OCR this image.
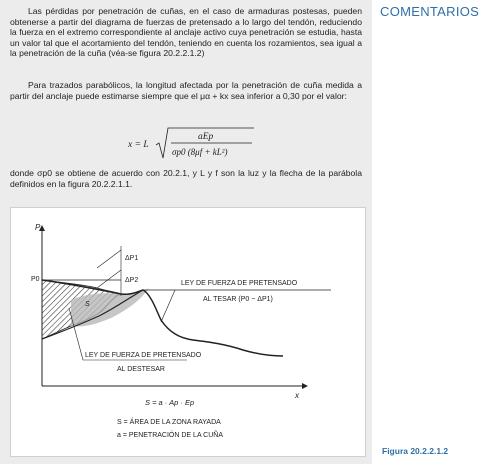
Las pérdidas por penetración de cuñas, en el caso de armaduras postesas, pueden obtenerse a partir del diagrama de fuerzas de pretensado a lo largo del tendón, reduciendo la fuerza en el extremo correspondiente al anclaje activo cuya penetración se estudia, hasta un valor tal que el acortamiento del tendón, teniendo en cuenta los rozamientos, sea igual a la penetración de la cuña (véa-se figura 20.2.2.1.2)
Para trazados parabólicos, la longitud afectada por la penetración de cuña medida a partir del anclaje puede estimarse siempre que el μα + kx sea inferior a 0,30 por el valor:
x = L
aEp
σp0 (8μf + kL²)
donde σp0 se obtiene de acuerdo con 20.2.1, y L y f son la luz y la flecha de la parábola definidos en la figura 20.2.2.1.1.
P
x
P0
ΔP1
ΔP2
S
LEY DE FUERZA DE PRETENSADO
AL TESAR (P0 − ΔP1)
LEY DE FUERZA DE PRETENSADO
AL DESTESAR
S = a · Ap · Ep
S = ÁREA DE LA ZONA RAYADA
a = PENETRACIÓN DE LA CUÑA
COMENTARIOS
Figura 20.2.2.1.2
